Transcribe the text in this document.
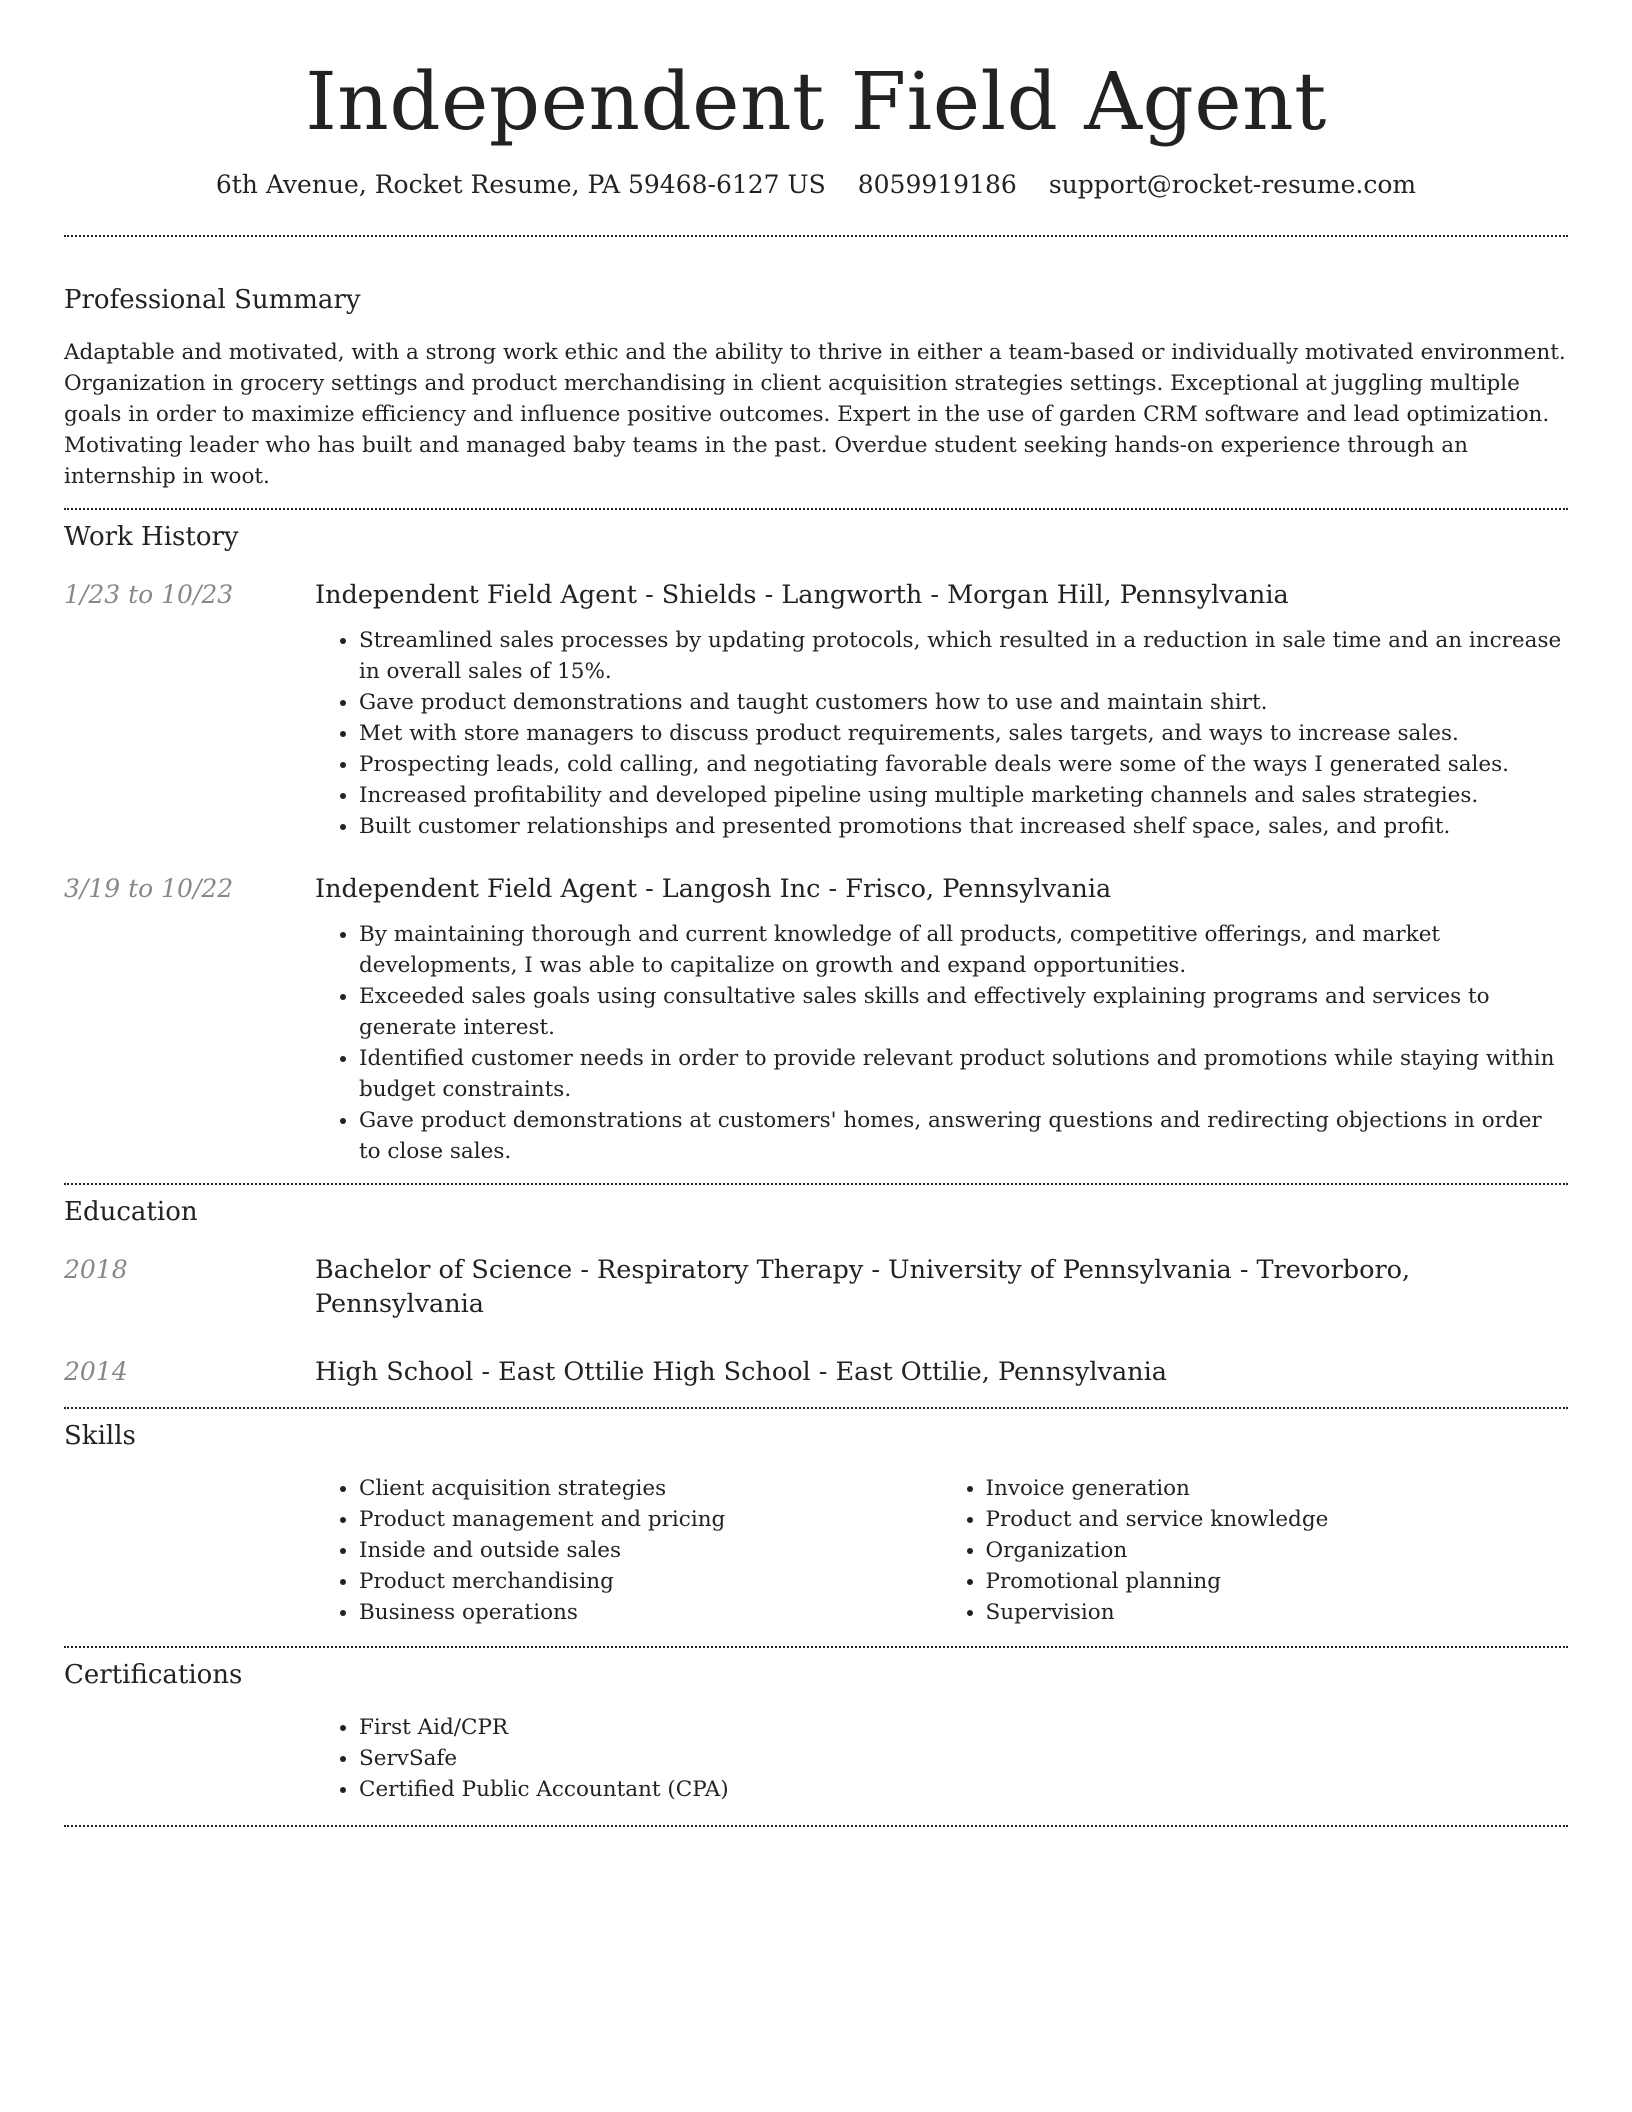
Independent Field Agent
6th Avenue, Rocket Resume, PA 59468-6127 US 8059919186 support@rocket-resume.com
Professional Summary

Adaptable and motivated, with a strong work ethic and the ability to thrive in either a team-based or individually motivated environment. Organization in grocery settings and product merchandising in client acquisition strategies settings. Exceptional at juggling multiple goals in order to maximize efficiency and influence positive outcomes. Expert in the use of garden CRM software and lead optimization. Motivating leader who has built and managed baby teams in the past. Overdue student seeking hands-on experience through an internship in woot.

Work History
1/23 to 10/23	Independent Field Agent - Shields - Langworth - Morgan Hill, Pennsylvania

• Streamlined sales processes by updating protocols, which resulted in a reduction in sale time and an increase in overall sales of 15%.
• Gave product demonstrations and taught customers how to use and maintain shirt.
• Met with store managers to discuss product requirements, sales targets, and ways to increase sales.
• Prospecting leads, cold calling, and negotiating favorable deals were some of the ways I generated sales.
• Increased profitability and developed pipeline using multiple marketing channels and sales strategies.
• Built customer relationships and presented promotions that increased shelf space, sales, and profit.
3/19 to 10/22	Independent Field Agent - Langosh Inc - Frisco, Pennsylvania

• By maintaining thorough and current knowledge of all products, competitive offerings, and market developments, I was able to capitalize on growth and expand opportunities.
• Exceeded sales goals using consultative sales skills and effectively explaining programs and services to generate interest.
• Identified customer needs in order to provide relevant product solutions and promotions while staying within budget constraints.
• Gave product demonstrations at customers' homes, answering questions and redirecting objections in order to close sales.
Education
2018	Bachelor of Science - Respiratory Therapy - University of Pennsylvania - Trevorboro, Pennsylvania

2014	High School - East Ottilie High School - East Ottilie, Pennsylvania

Skills
• Client acquisition strategies
• Product management and pricing
• Inside and outside sales
• Product merchandising
• Business operations
• Invoice generation
• Product and service knowledge
• Organization
• Promotional planning
• Supervision
Certifications
• First Aid/CPR
• ServSafe
• Certified Public Accountant (CPA)
